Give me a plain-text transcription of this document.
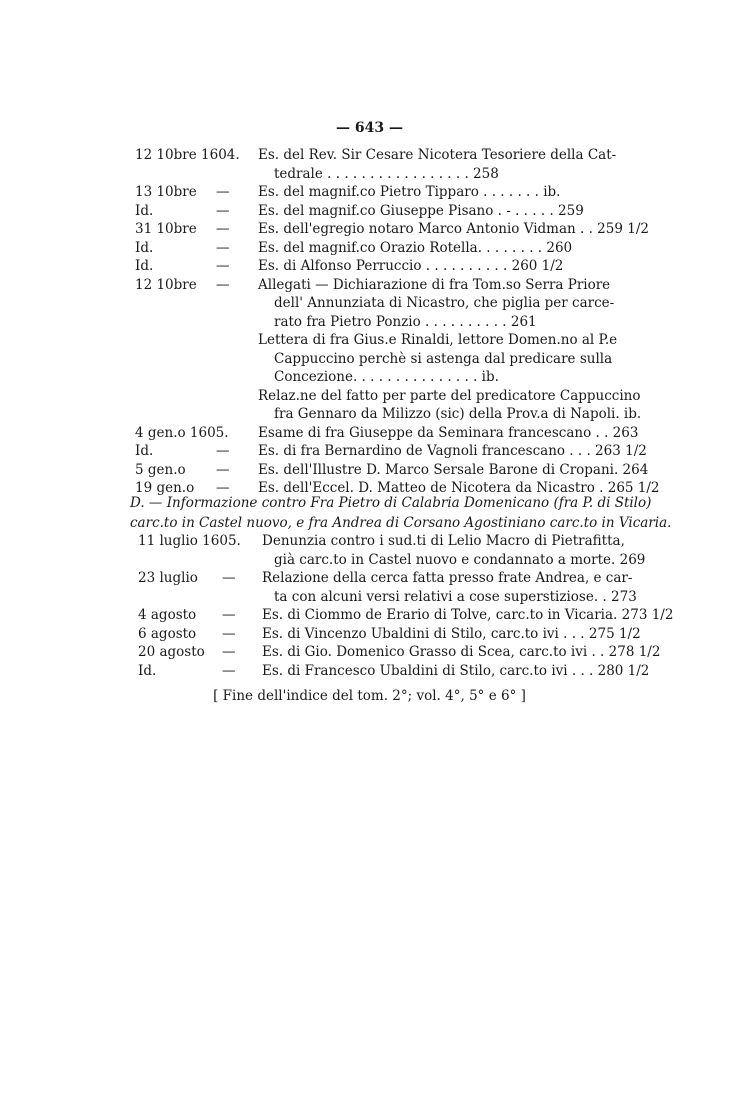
— 643 —
[ Fine dell'indice del tom. 2°; vol. 4°, 5° e 6° ]
12 10bre 1604. Es. del Rev. Sir Cesare Nicotera Tesoriere della Cat-
tedrale . . . . . . . . . . . . . . . . . 258
13 10bre — Es. del magnif.co Pietro Tipparo . . . . . . . ib.
Id.	— Es. del magnif.co Giuseppe Pisano . - . . . . . 259
31 10bre — Es. dell'egregio notaro Marco Antonio Vidman . . 259 1/2
Id.	— Es. del magnif.co Orazio Rotella. . . . . . . . 260
Id.	— Es. di Alfonso Perruccio . . . . . . . . . . 260 1/2
12 10bre — Allegati — Dichiarazione di fra Tom.so Serra Priore
dell' Annunziata di Nicastro, che piglia per carce-
rato fra Pietro Ponzio . . . . . . . . . . 261
Lettera di fra Gius.e Rinaldi, lettore Domen.no al P.e
Cappuccino perchè si astenga dal predicare sulla
Concezione. . . . . . . . . . . . . . . ib.
Relaz.ne del fatto per parte del predicatore Cappuccino
fra Gennaro da Milizzo (sic) della Prov.a di Napoli. ib.
4 gen.o 1605. Esame di fra Giuseppe da Seminara francescano . . 263
Id.	— Es. di fra Bernardino de Vagnoli francescano . . . 263 1/2
5 gen.o — Es. dell'Illustre D. Marco Sersale Barone di Cropani. 264
19 gen.o — Es. dell'Eccel. D. Matteo de Nicotera da Nicastro . 265 1/2
D. — Informazione contro Fra Pietro di Calabria Domenicano (fra P. di Stilo)
carc.to in Castel nuovo, e fra Andrea di Corsano Agostiniano carc.to in Vicaria.
11 luglio 1605. Denunzia contro i sud.ti di Lelio Macro di Pietrafitta,
già carc.to in Castel nuovo e condannato a morte. 269
23 luglio — Relazione della cerca fatta presso frate Andrea, e car-
ta con alcuni versi relativi a cose superstiziose. . 273
4 agosto — Es. di Ciommo de Erario di Tolve, carc.to in Vicaria. 273 1/2
6 agosto — Es. di Vincenzo Ubaldini di Stilo, carc.to ivi . . . 275 1/2
20 agosto — Es. di Gio. Domenico Grasso di Scea, carc.to ivi . . 278 1/2
Id.	— Es. di Francesco Ubaldini di Stilo, carc.to ivi . . . 280 1/2
